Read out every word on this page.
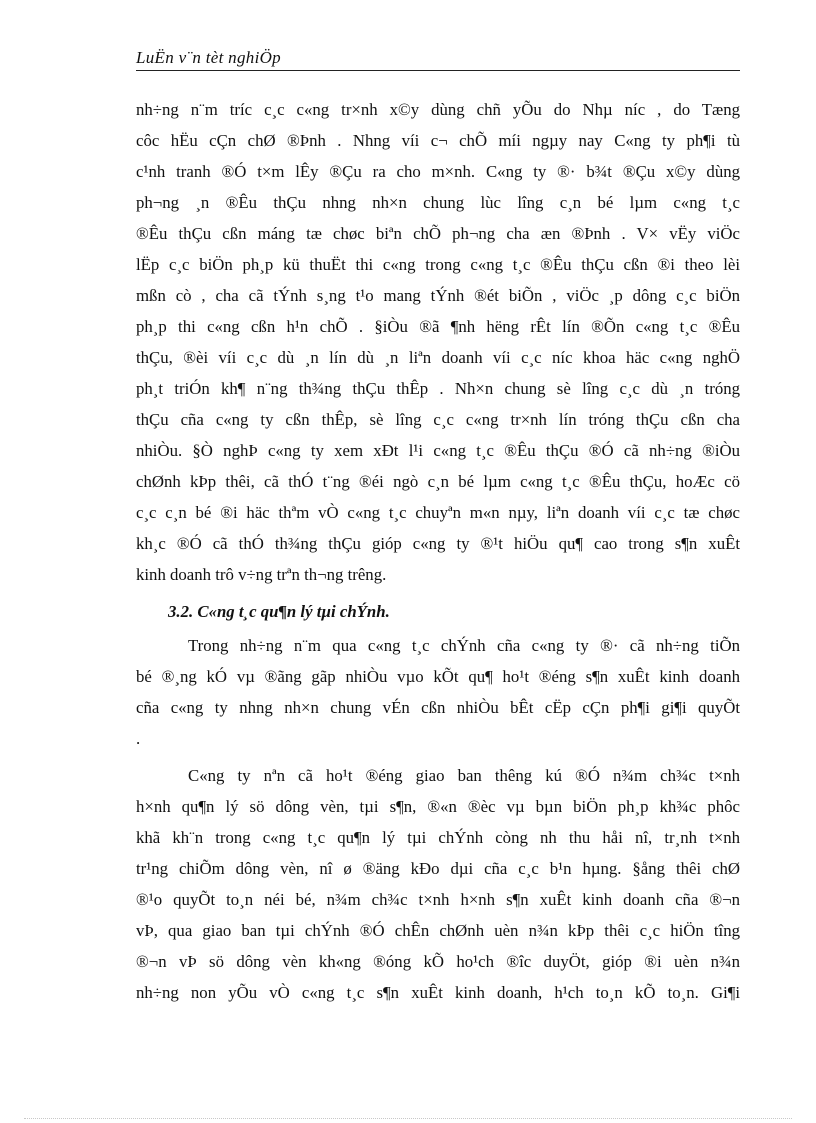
LuËn v¨n tèt nghiÖp
nh÷ng n¨m tríc c¸c c«ng tr×nh x©y dùng chñ yÕu do Nhµ níc , do Tæng
côc hËu cÇn chØ ®Þnh . Nhng víi c¬ chÕ míi ngµy nay C«ng ty ph¶i tù
c¹nh tranh ®Ó t×m lÊy ®Çu ra cho m×nh. C«ng ty ®· b¾t ®Çu x©y dùng
ph¬ng ¸n ®Êu thÇu nhng nh×n chung lùc lîng c¸n bé lµm c«ng t¸c
®Êu thÇu cßn máng tæ chøc biªn chÕ ph¬ng cha æn ®Þnh . V× vËy viÖc
lËp c¸c biÖn ph¸p kü thuËt thi c«ng trong c«ng t¸c ®Êu thÇu cßn ®i theo lèi
mßn cò , cha cã tÝnh s¸ng t¹o mang tÝnh ®ét biÕn , viÖc ¸p dông c¸c biÖn
ph¸p thi c«ng cßn h¹n chÕ . §iÒu ®ã ¶nh hëng rÊt lín ®Õn c«ng t¸c ®Êu
thÇu, ®èi víi c¸c dù ¸n lín dù ¸n liªn doanh víi c¸c níc khoa häc c«ng nghÖ
ph¸t triÓn kh¶ n¨ng th¾ng thÇu thÊp . Nh×n chung sè lîng c¸c dù ¸n tróng
thÇu cña c«ng ty cßn thÊp, sè lîng c¸c c«ng tr×nh lín tróng thÇu cßn cha
nhiÒu. §Ò nghÞ c«ng ty xem xÐt l¹i c«ng t¸c ®Êu thÇu ®Ó cã nh÷ng ®iÒu
chØnh kÞp thêi, cã thÓ t¨ng ®éi ngò c¸n bé lµm c«ng t¸c ®Êu thÇu, hoÆc cö
c¸c c¸n bé ®i häc thªm vÒ c«ng t¸c chuyªn m«n nµy, liªn doanh víi c¸c tæ chøc
kh¸c ®Ó cã thÓ th¾ng thÇu gióp c«ng ty ®¹t hiÖu qu¶ cao trong s¶n xuÊt
kinh doanh trô v÷ng trªn th¬ng trêng.
3.2. C«ng t¸c qu¶n lý tµi chÝnh.
Trong nh÷ng n¨m qua c«ng t¸c chÝnh cña c«ng ty ®· cã nh÷ng tiÕn
bé ®¸ng kÓ vµ ®ãng gãp nhiÒu vµo kÕt qu¶ ho¹t ®éng s¶n xuÊt kinh doanh
cña c«ng ty nhng nh×n chung vÉn cßn nhiÒu bÊt cËp cÇn ph¶i gi¶i quyÕt
.
C«ng ty nªn cã ho¹t ®éng giao ban thêng kú ®Ó n¾m ch¾c t×nh
h×nh qu¶n lý sö dông vèn, tµi s¶n, ®«n ®èc vµ bµn biÖn ph¸p kh¾c phôc
khã kh¨n trong c«ng t¸c qu¶n lý tµi chÝnh còng nh thu håi nî, tr¸nh t×nh
tr¹ng chiÕm dông vèn, nî ø ®äng kÐo dµi cña c¸c b¹n hµng. §ång thêi chØ
®¹o quyÕt to¸n néi bé, n¾m ch¾c t×nh h×nh s¶n xuÊt kinh doanh cña ®¬n
vÞ, qua giao ban tµi chÝnh ®Ó chÊn chØnh uèn n¾n kÞp thêi c¸c hiÖn tîng
®¬n vÞ sö dông vèn kh«ng ®óng kÕ ho¹ch ®îc duyÖt, gióp ®i uèn n¾n
nh÷ng non yÕu vÒ c«ng t¸c s¶n xuÊt kinh doanh, h¹ch to¸n kÕ to¸n. Gi¶i
